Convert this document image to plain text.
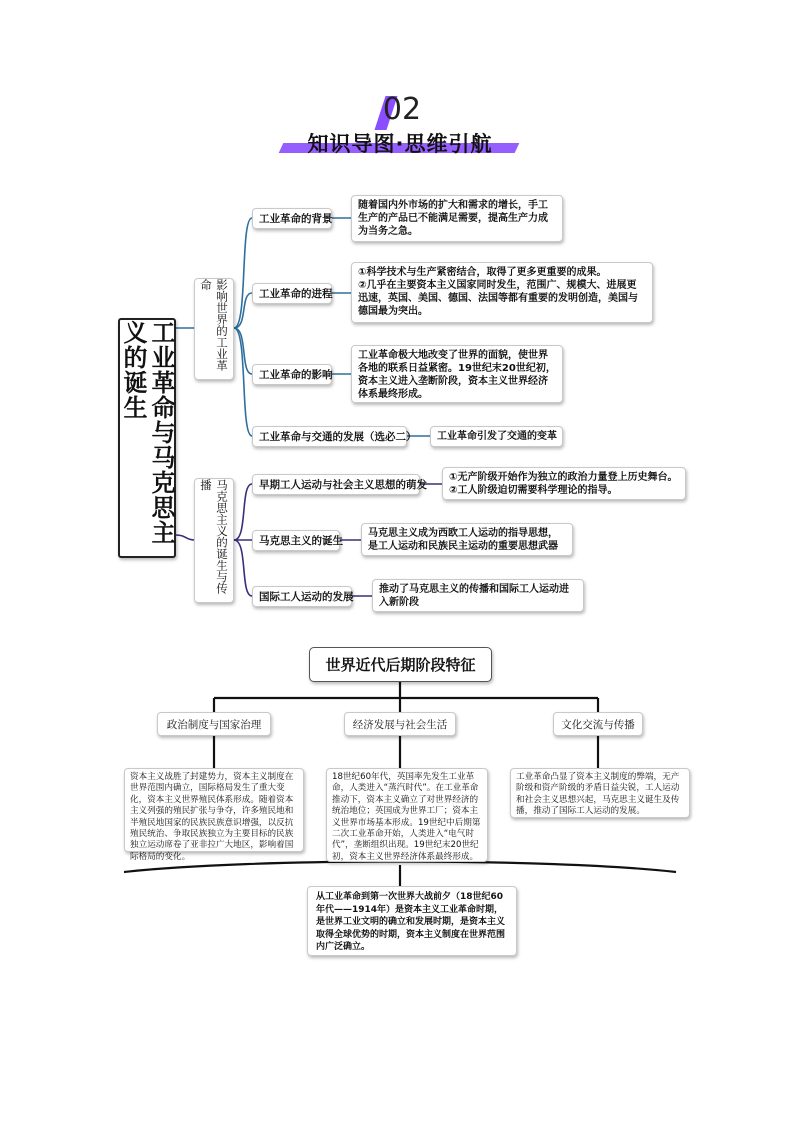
02
知识导图·思维引航
工业革命与马克思主义的诞生	影响世界的工业革命
马克思主义的诞生与传播
工业革命的背景
随着国内外市场的扩大和需求的增长，手工生产的产品已不能满足需要，提高生产力成为当务之急。
工业革命的进程
①科学技术与生产紧密结合，取得了更多更重要的成果。
②几乎在主要资本主义国家同时发生，范围广、规模大、进展更迅速，英国、美国、德国、法国等都有重要的发明创造，美国与德国最为突出。
工业革命的影响
工业革命极大地改变了世界的面貌，使世界各地的联系日益紧密。19世纪末20世纪初，资本主义进入垄断阶段，资本主义世界经济体系最终形成。
工业革命与交通的发展（选必二）	工业革命引发了交通的变革
早期工人运动与社会主义思想的萌发
①无产阶级开始作为独立的政治力量登上历史舞台。
②工人阶级迫切需要科学理论的指导。
马克思主义的诞生
马克思主义成为西欧工人运动的指导思想，是工人运动和民族民主运动的重要思想武器
国际工人运动的发展
推动了马克思主义的传播和国际工人运动进入新阶段
世界近代后期阶段特征
政治制度与国家治理	经济发展与社会生活	文化交流与传播
资本主义战胜了封建势力，资本主义制度在世界范围内确立，国际格局发生了重大变化，资本主义世界殖民体系形成。随着资本主义列强的殖民扩张与争夺，许多殖民地和半殖民地国家的民族民族意识增强，以反抗殖民统治、争取民族独立为主要目标的民族独立运动席卷了亚非拉广大地区，影响着国际格局的变化。
18世纪60年代，英国率先发生工业革命，人类进入“蒸汽时代”。在工业革命推动下，资本主义确立了对世界经济的统治地位；英国成为世界工厂；资本主义世界市场基本形成。19世纪中后期第二次工业革命开始，人类进入“电气时代”，垄断组织出现。19世纪末20世纪初，资本主义世界经济体系最终形成。
工业革命凸显了资本主义制度的弊端，无产阶级和资产阶级的矛盾日益尖锐，工人运动和社会主义思想兴起，马克思主义诞生及传播，推动了国际工人运动的发展。
从工业革命到第一次世界大战前夕（18世纪60年代——1914年）是资本主义工业革命时期，是世界工业文明的确立和发展时期，是资本主义取得全球优势的时期，资本主义制度在世界范围内广泛确立。
